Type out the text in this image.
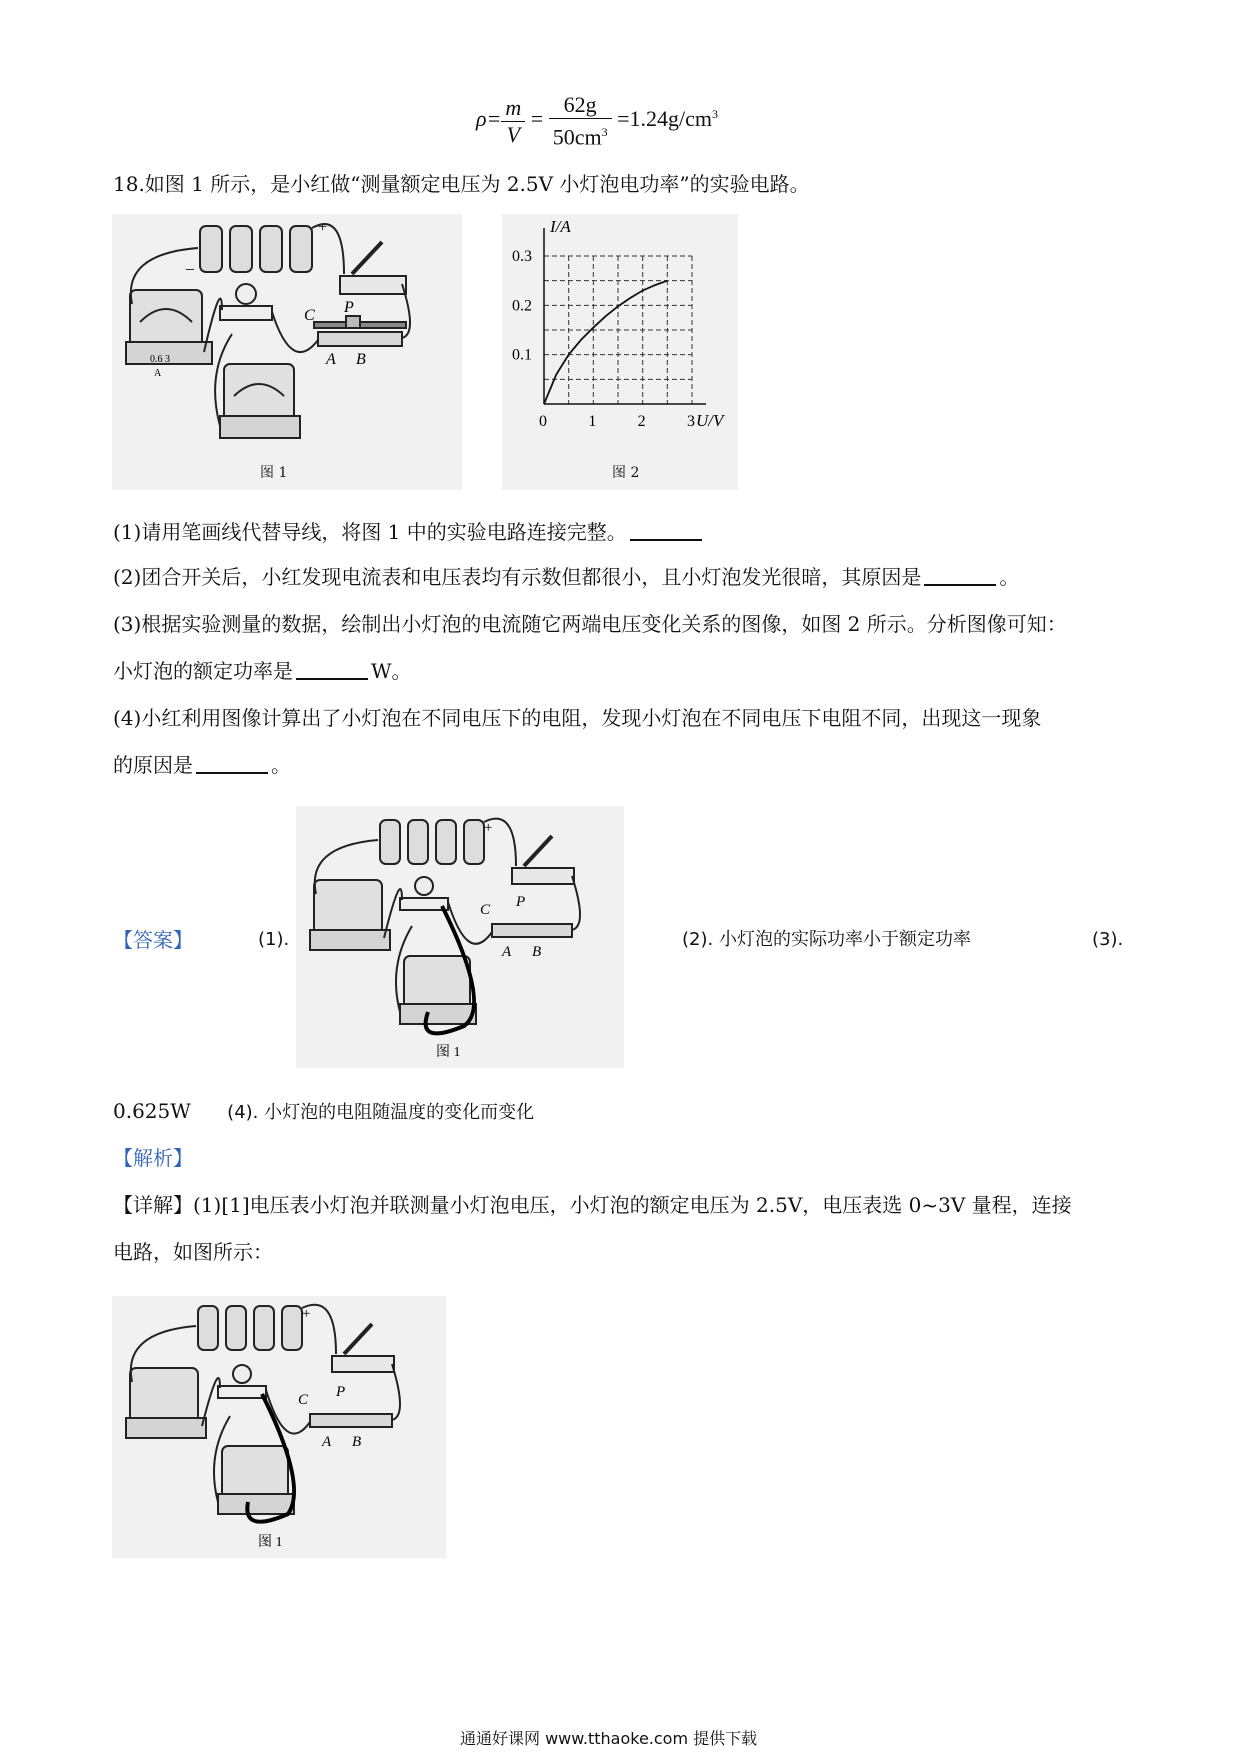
$\rho= \frac{m}{V} = \frac{62g}{50cm^3} =1.24g/cm^3$
18.如图 1 所示，是小红做“测量额定电压为 2.5V 小灯泡电功率”的实验电路。
+
_
0.6 3
A
C P
A B
图 1
0	1	2	3
0.1
0.2
0.3
U/V
I/A
图 2
(1)请用笔画线代替导线，将图 1 中的实验电路连接完整。
(2)团合开关后，小红发现电流表和电压表均有示数但都很小，且小灯泡发光很暗，其原因是	。
(3)根据实验测量的数据，绘制出小灯泡的电流随它两端电压变化关系的图像，如图 2 所示。分析图像可知：
小灯泡的额定功率是	W。
(4)小红利用图像计算出了小灯泡在不同电压下的电阻，发现小灯泡在不同电压下电阻不同，出现这一现象
的原因是	。
【答案】	(1).
+
C P
A B
图 1
(2). 小灯泡的实际功率小于额定功率	(3).
0.625W (4). 小灯泡的电阻随温度的变化而变化
【解析】
【详解】(1)[1]电压表小灯泡并联测量小灯泡电压，小灯泡的额定电压为 2.5V，电压表选 0~3V 量程，连接
电路，如图所示：
+
C P
A B
图 1
通通好课网 www.tthaoke.com 提供下载
